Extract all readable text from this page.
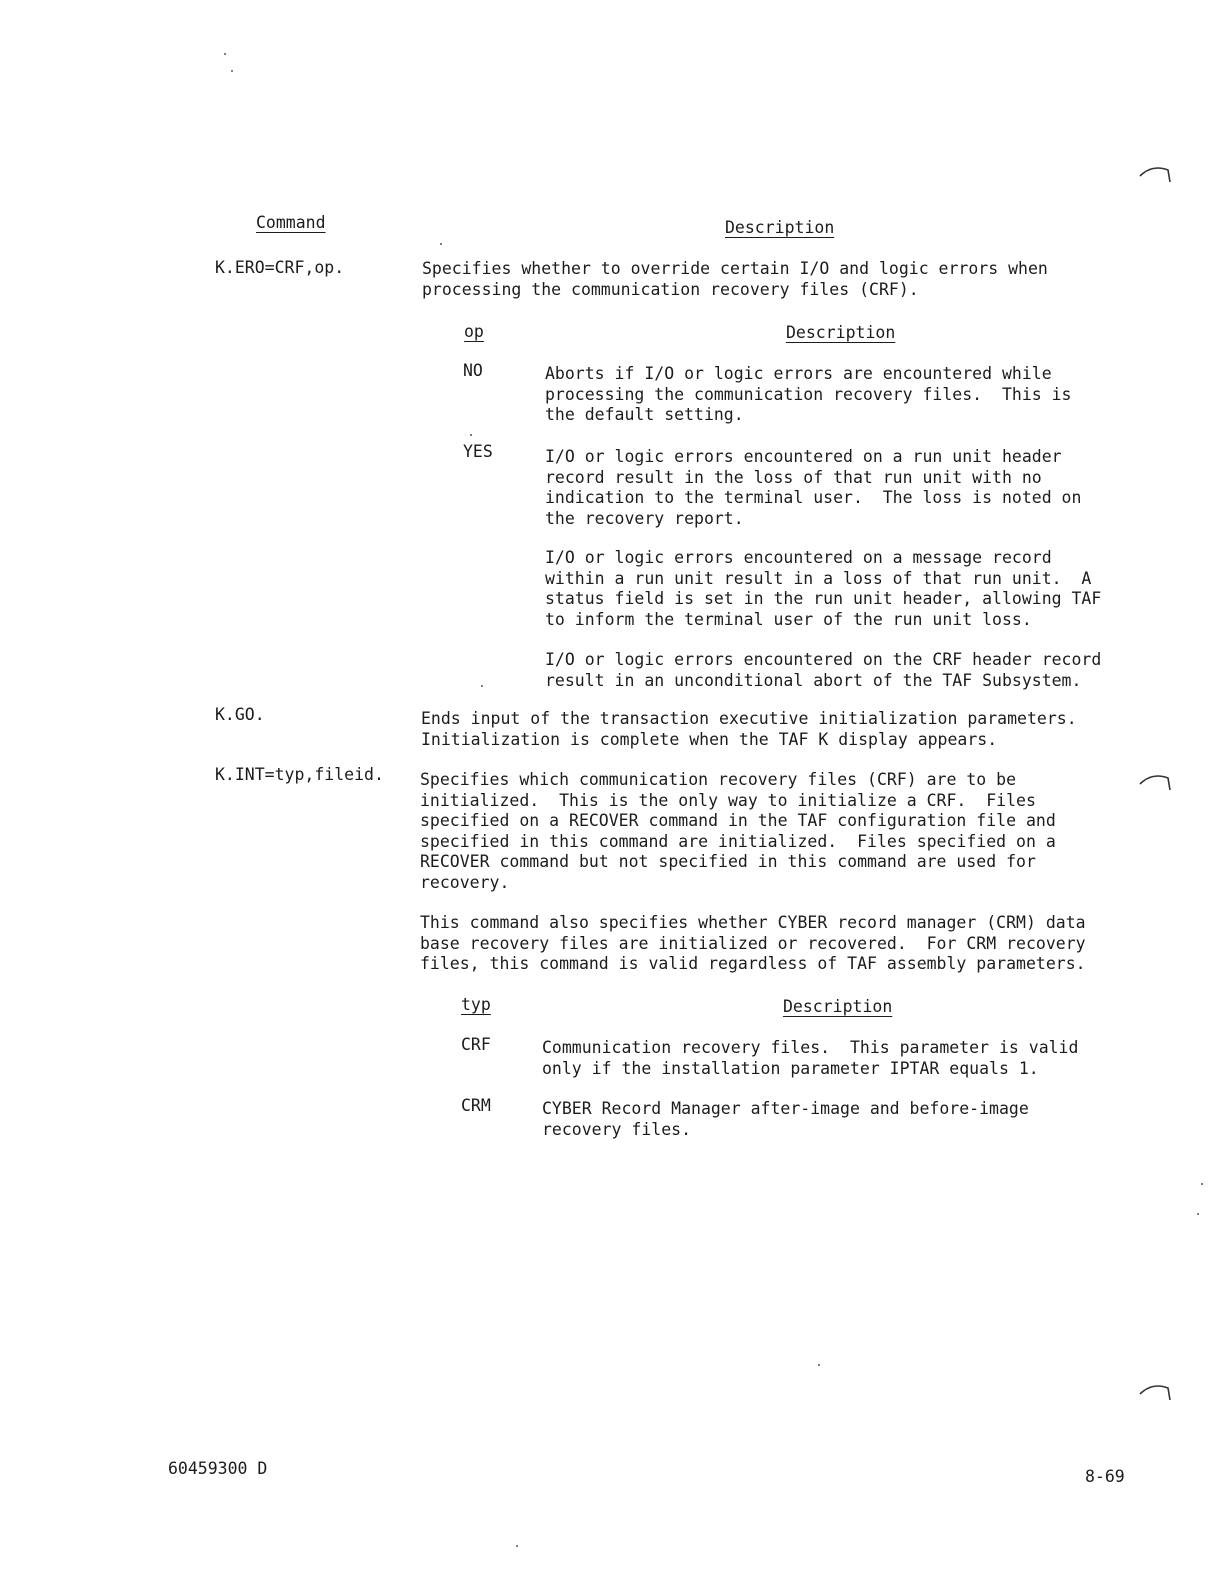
Command	Description
K.ERO=CRF,op.	Specifies whether to override certain I/O and logic errors when
processing the communication recovery files (CRF).
op	Description
NO	Aborts if I/O or logic errors are encountered while
processing the communication recovery files.  This is
the default setting.
YES	I/O or logic errors encountered on a run unit header
record result in the loss of that run unit with no
indication to the terminal user.  The loss is noted on
the recovery report.
I/O or logic errors encountered on a message record
within a run unit result in a loss of that run unit.  A
status field is set in the run unit header, allowing TAF
to inform the terminal user of the run unit loss.
I/O or logic errors encountered on the CRF header record
result in an unconditional abort of the TAF Subsystem.
K.GO.	Ends input of the transaction executive initialization parameters.
Initialization is complete when the TAF K display appears.
K.INT=typ,fileid. Specifies which communication recovery files (CRF) are to be
initialized.  This is the only way to initialize a CRF.  Files
specified on a RECOVER command in the TAF configuration file and
specified in this command are initialized.  Files specified on a
RECOVER command but not specified in this command are used for
recovery.
This command also specifies whether CYBER record manager (CRM) data
base recovery files are initialized or recovered.  For CRM recovery
files, this command is valid regardless of TAF assembly parameters.
typ	Description
CRF	Communication recovery files.  This parameter is valid
only if the installation parameter IPTAR equals 1.
CRM	CYBER Record Manager after-image and before-image
recovery files.
60459300 D	8-69
